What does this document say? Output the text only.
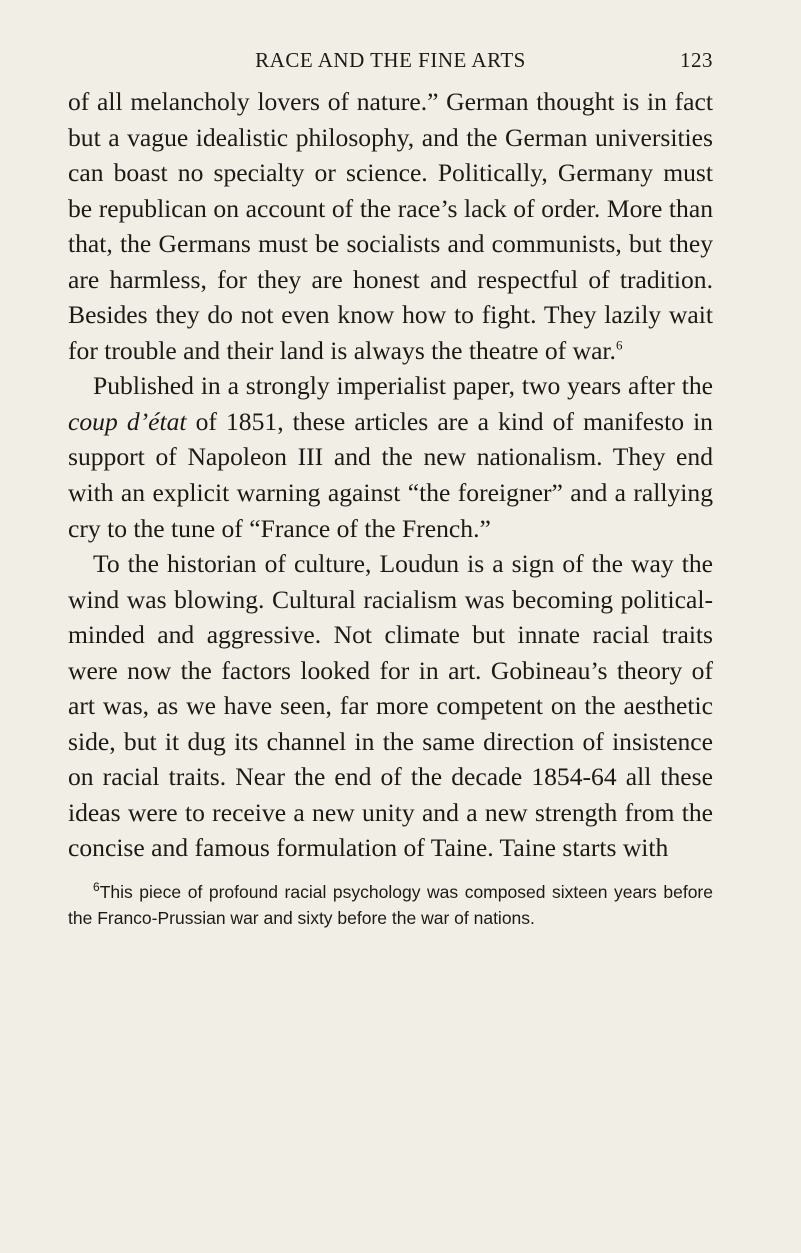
RACE AND THE FINE ARTS	123

of all melancholy lovers of nature.” German thought is in fact but a vague idealistic philosophy, and the German universities can boast no specialty or science. Politically, Germany must be republican on account of the race’s lack of order. More than that, the Germans must be socialists and communists, but they are harmless, for they are honest and respectful of tradition. Besides they do not even know how to fight. They lazily wait for trouble and their land is always the theatre of war.$^6$

Published in a strongly imperialist paper, two years after the coup d’état of 1851, these articles are a kind of manifesto in support of Napoleon III and the new nationalism. They end with an explicit warning against “the foreigner” and a rallying cry to the tune of “France of the French.”

To the historian of culture, Loudun is a sign of the way the wind was blowing. Cultural racialism was becoming political-minded and aggressive. Not climate but innate racial traits were now the factors looked for in art. Gobineau’s theory of art was, as we have seen, far more competent on the aesthetic side, but it dug its channel in the same direction of insistence on racial traits. Near the end of the decade 1854-64 all these ideas were to receive a new unity and a new strength from the concise and famous formulation of Taine. Taine starts with

$^6$This piece of profound racial psychology was composed sixteen years before the Franco-Prussian war and sixty before the war of nations.
